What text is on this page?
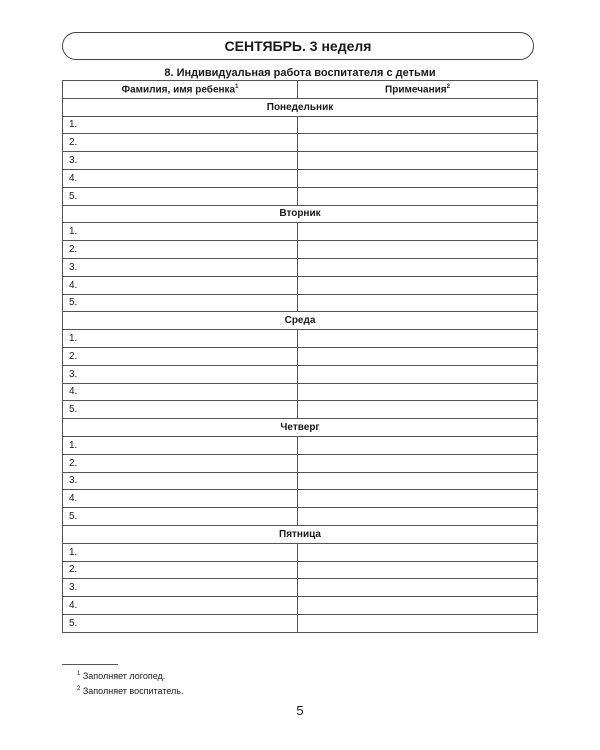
СЕНТЯБРЬ. 3 неделя
8. Индивидуальная работа воспитателя с детьми
Фамилия, имя ребенка$^1$	Примечания$^2$
Понедельник	
1.	
2.	
3.	
4.	
5.	
Вторник	
1.	
2.	
3.	
4.	
5.	
Среда	
1.	
2.	
3.	
4.	
5.	
Четверг	
1.	
2.	
3.	
4.	
5.	
Пятница	
1.	
2.	
3.	
4.	
5.	
$^1$ Заполняет логопед.
$^2$ Заполняет воспитатель.
5
